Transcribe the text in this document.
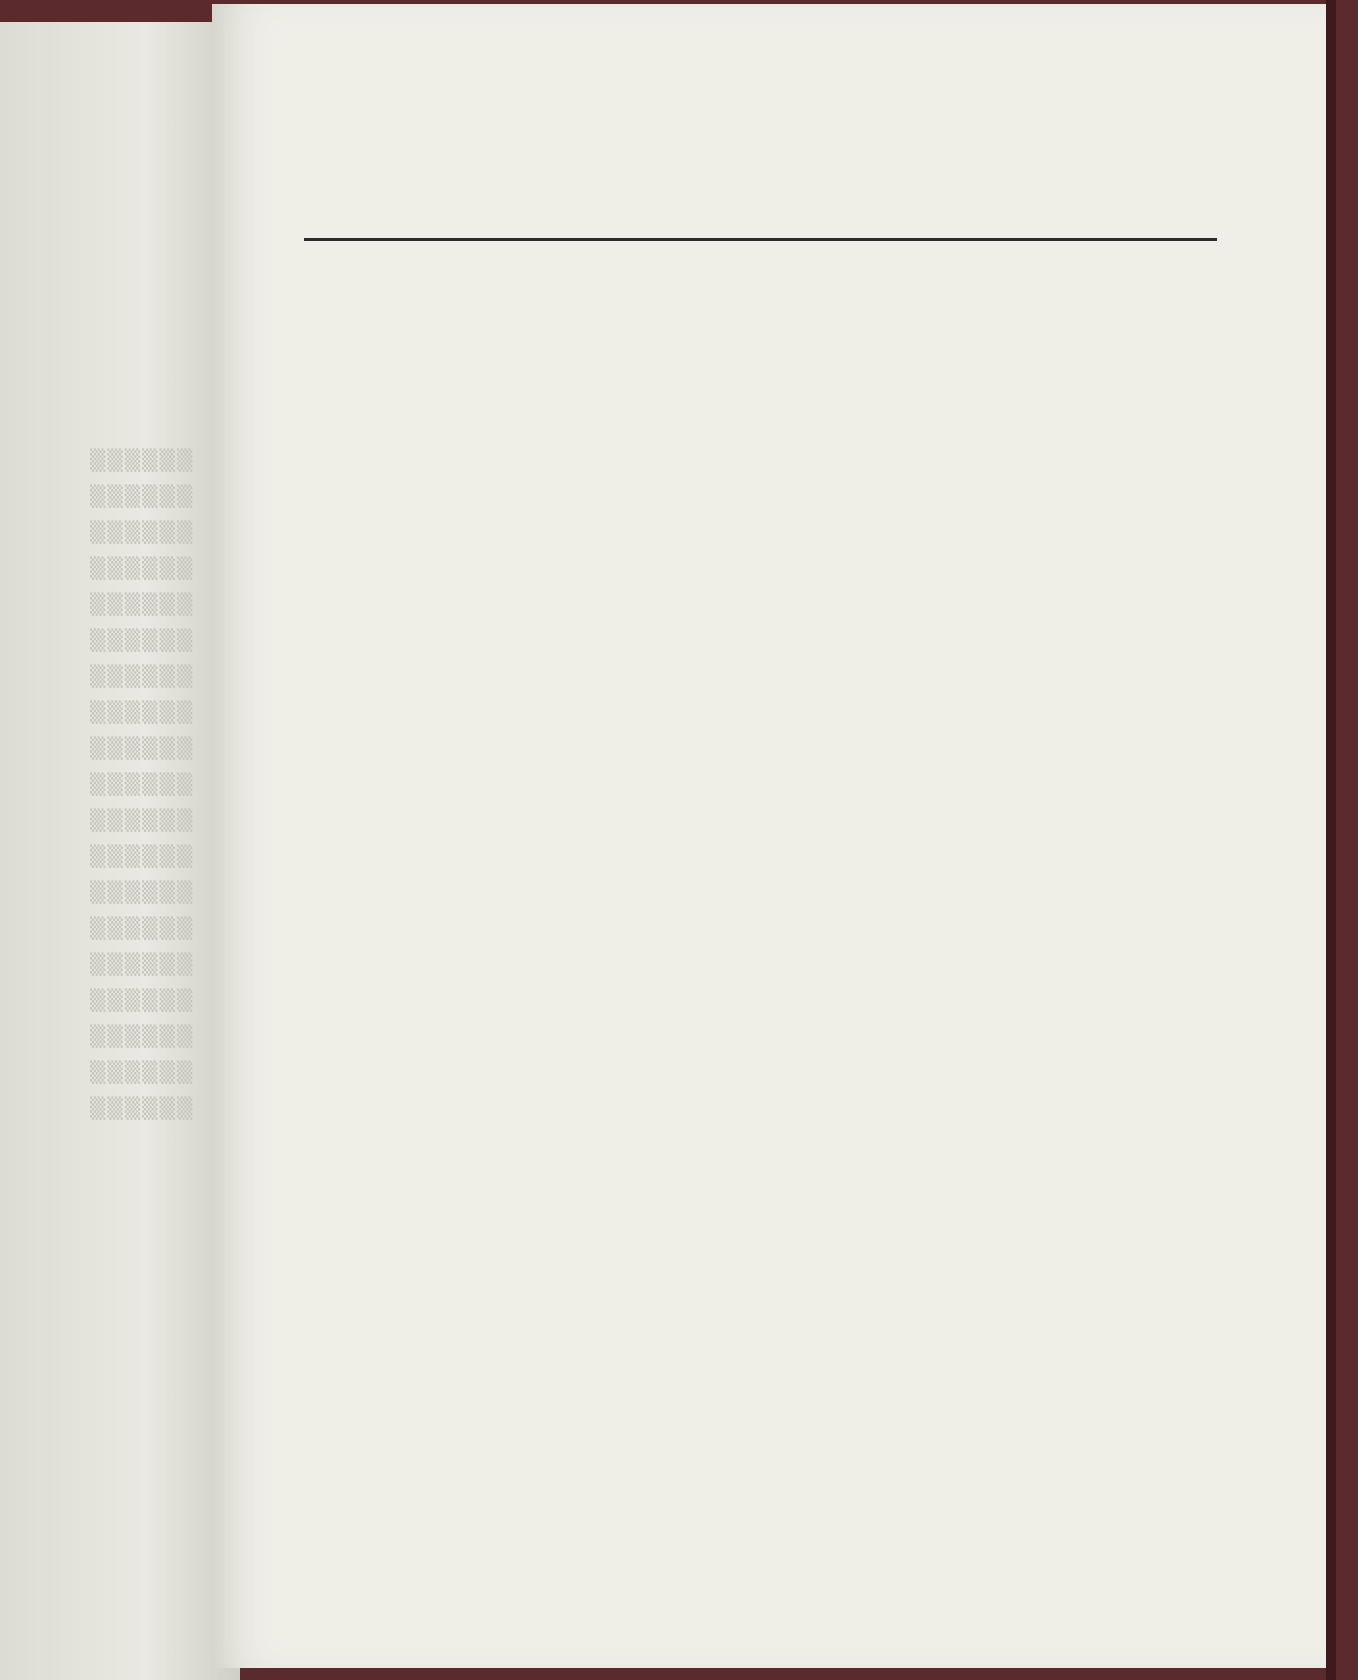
▒▒▒▒▒▒
▒▒▒▒▒▒
▒▒▒▒▒▒
▒▒▒▒▒▒
▒▒▒▒▒▒
▒▒▒▒▒▒
▒▒▒▒▒▒
▒▒▒▒▒▒
▒▒▒▒▒▒
▒▒▒▒▒▒
▒▒▒▒▒▒
▒▒▒▒▒▒
▒▒▒▒▒▒
▒▒▒▒▒▒
▒▒▒▒▒▒
▒▒▒▒▒▒
▒▒▒▒▒▒
▒▒▒▒▒▒
▒▒▒▒▒▒
